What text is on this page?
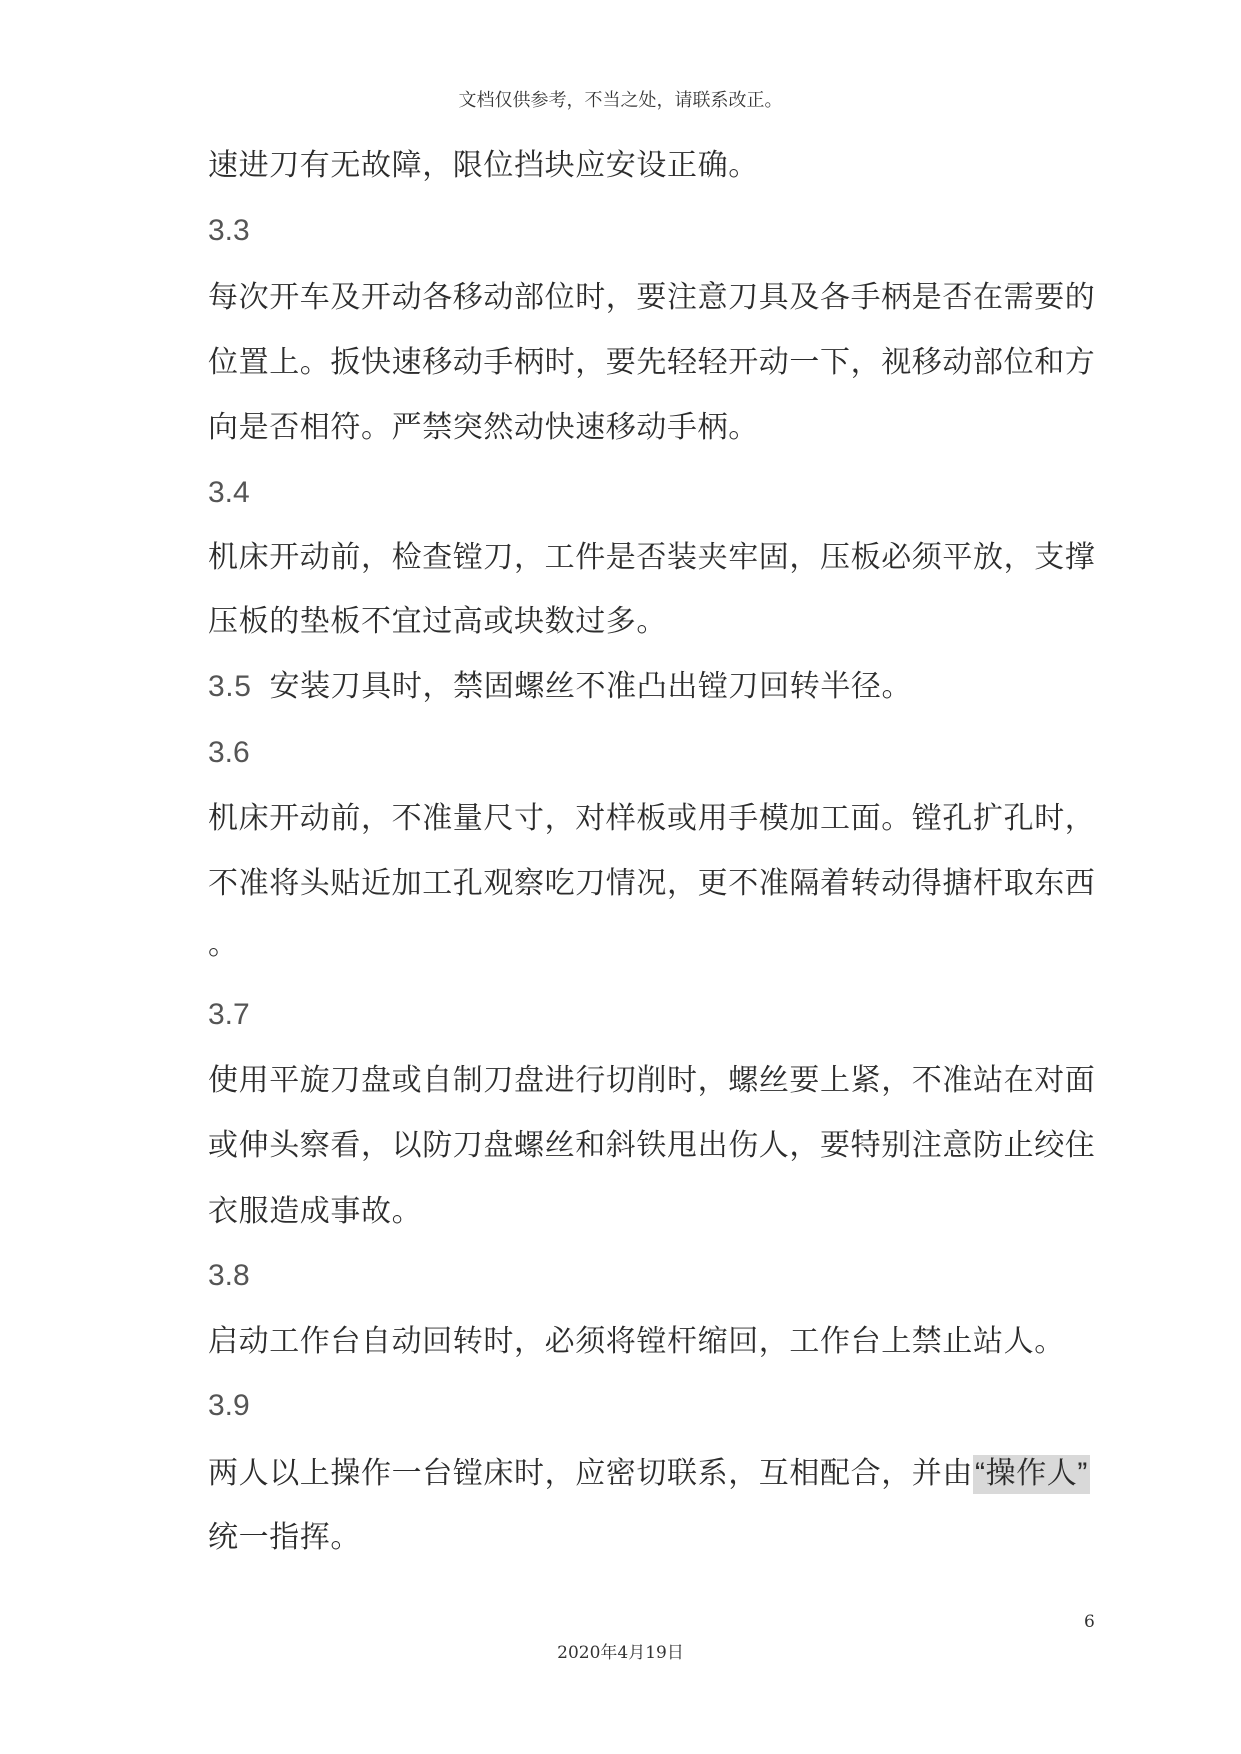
文档仅供参考，不当之处，请联系改正。
速进刀有无故障，限位挡块应安设正确。
3.3
每次开车及开动各移动部位时，要注意刀具及各手柄是否在需要的
位置上。扳快速移动手柄时，要先轻轻开动一下，视移动部位和方
向是否相符。严禁突然动快速移动手柄。
3.4
机床开动前，检查镗刀，工件是否装夹牢固，压板必须平放，支撑
压板的垫板不宜过高或块数过多。
3.5 安装刀具时，禁固螺丝不准凸出镗刀回转半径。
3.6
机床开动前，不准量尺寸，对样板或用手模加工面。镗孔扩孔时，
不准将头贴近加工孔观察吃刀情况，更不准隔着转动得搪杆取东西
。
3.7
使用平旋刀盘或自制刀盘进行切削时，螺丝要上紧，不准站在对面
或伸头察看，以防刀盘螺丝和斜铁甩出伤人，要特别注意防止绞住
衣服造成事故。
3.8
启动工作台自动回转时，必须将镗杆缩回，工作台上禁止站人。
3.9
两人以上操作一台镗床时，应密切联系，互相配合，并由“操作人”
统一指挥。
6
2020年4月19日
